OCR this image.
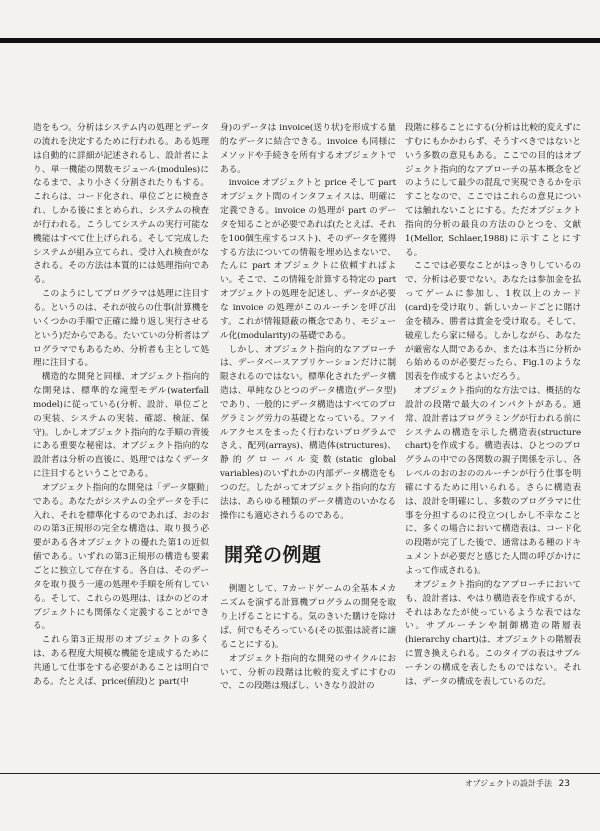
造をもつ。分析はシステム内の処理とデータの流れを決定するために行われる。ある処理は自動的に詳細が記述されるし、設計者により、単一機能の関数モジュール(modules)になるまで、より小さく分割されたりもする。これらは、コード化され、単位ごとに検査され、しかる後にまとめられ、システムの検査が行われる。こうしてシステムの実行可能な機能はすべて仕上げられる。そして完成したシステムが組み立てられ、受け入れ検査がなされる。その方法は本質的には処理指向である。

このようにしてプログラマは処理に注目する。というのは、それが彼らの仕事(計算機をいくつかの手順で正確に繰り返し実行させるという)だからである。たいていの分析者はプログラマでもあるため、分析者も主として処理に注目する。

構造的な開発と同様、オブジェクト指向的な開発は、標準的な滝型モデル(waterfall model)に従っている(分析、設計、単位ごとの実装、システムの実装、確認、検証、保守)。しかしオブジェクト指向的な手順の背後にある重要な秘密は、オブジェクト指向的な設計者は分析の直後に、処理ではなくデータに注目するということである。

オブジェクト指向的な開発は「データ駆動」である。あなたがシステムの全データを手に入れ、それを標準化するのであれば、おのおのの第3正規形の完全な構造は、取り扱う必要がある各オブジェクトの優れた第1の近似値である。いずれの第3正規形の構造も要素ごとに独立して存在する。各自は、そのデータを取り扱う一連の処理や手順を所有している。そして、これらの処理は、ほかのどのオブジェクトにも関係なく定義することができる。

これら第3正規形のオブジェクトの多くは、ある程度大規模な機能を達成するために共通して仕事をする必要があることは明白である。たとえば、price(値段)と part(中

身)のデータは invoice(送り状)を形成する量的なデータに結合できる。invoice も同様にメソッドや手続きを所有するオブジェクトである。

invoice オブジェクトと price そして part オブジェクト間のインタフェイスは、明確に定義できる。invoice の処理が part のデータを知ることが必要であれば(たとえば、それを100個生産するコスト)、そのデータを獲得する方法についての情報を埋め込まないで、たんに part オブジェクトに依頼すればよい。そこで、この情報を計算する特定の part オブジェクトの処理を記述し、データが必要な invoice の処理がこのルーチンを呼び出す。これが情報隠蔽の概念であり、モジュール化(modularity)の基礎である。

しかし、オブジェクト指向的なアプローチは、データベースアプリケーションだけに制限されるのではない。標準化されたデータ構造は、単純なひとつのデータ構造(データ型)であり、一般的にデータ構造はすべてのプログラミング労力の基礎となっている。ファイルアクセスをまったく行わないプログラムでさえ、配列(arrays)、構造体(structures)、静的グローバル変数(static global variables)のいずれかの内部データ構造をもつのだ。したがってオブジェクト指向的な方法は、あらゆる種類のデータ構造のいかなる操作にも適応されうるのである。

開発の例題

例題として、7カードゲームの全基本メカニズムを演ずる計算機プログラムの開発を取り上げることにする。気のきいた購けを除けば、何でもそろっている(その拡張は読者に譲ることにする)。

オブジェクト指向的な開発のサイクルにおいて、分析の段階は比較的変えずにすむので、この段階は飛ばし、いきなり設計の

段階に移ることにする(分析は比較的変えずにすむにもかかわらず、そうすべきではないという多数の意見もある。ここでの目的はオブジェクト指向的なアプローチの基本概念をどのようにして最少の混乱で実現できるかを示すことなので、ここではこれらの意見については触れないことにする。ただオブジェクト指向的分析の最良の方法のひとつを、文献1(Mellor, Schlaer,1988)に示すことにする。

ここでは必要なことがはっきりしているので、分析は必要でない。あなたは参加金を払ってゲームに参加し、1枚以上のカード(card)を受け取り、新しいカードごとに賭け金を積み、勝者は賞金を受け取る。そして、破産したら家に帰る。しかしながら、あなたが厳密な人間であるか、または本当に分析から始めるのが必要だったら、Fig.1のような図表を作成するとよいだろう。

オブジェクト指向的な方法では、概括的な設計の段階で最大のインパクトがある。通常、設計者はプログラミングが行われる前にシステムの構造を示した構造表(structure chart)を作成する。構造表は、ひとつのプログラムの中での各関数の親子関係を示し、各レベルのおのおののルーチンが行う仕事を明確にするために用いられる。さらに構造表は、設計を明確にし、多数のプログラマに仕事を分担するのに役立つ(しかし不幸なことに、多くの場合において構造表は、コード化の段階が完了した後で、通常はある種のドキュメントが必要だと感じた人間の呼びかけによって作成される)。

オブジェクト指向的なアプローチにおいても、設計者は、やはり構造表を作成するが、それはあなたが使っているような表ではない。サブルーチンや制御構造の階層表(hierarchy chart)は、オブジェクトの階層表に置き換えられる。このタイプの表はサブルーチンの構成を表したものではない。それは、データの構成を表しているのだ。

オブジェクトの設計手法 23
